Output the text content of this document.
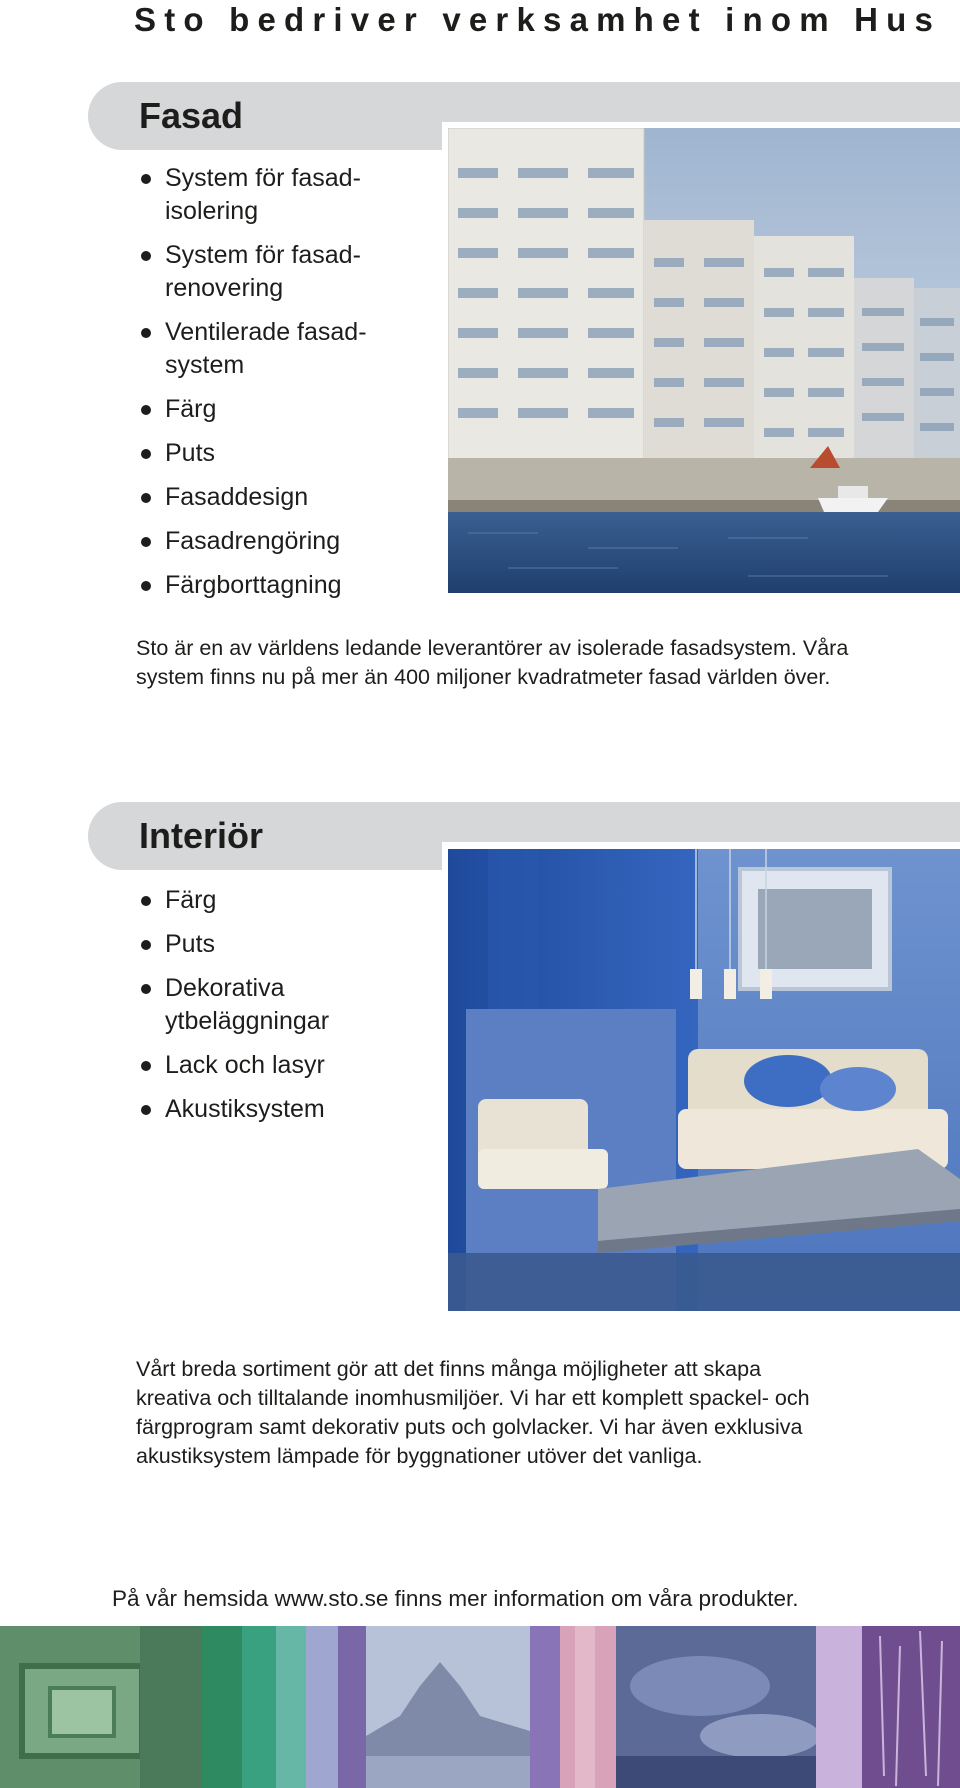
Sto bedriver verksamhet inom Hus
Fasad
System för fasad-
isolering
System för fasad-
renovering
Ventilerade fasad-
system
Färg
Puts
Fasaddesign
Fasadrengöring
Färgborttagning

Sto är en av världens ledande leverantörer av isolerade fasadsystem. Våra
system finns nu på mer än 400 miljoner kvadratmeter fasad världen över.

Interiör
Färg
Puts
Dekorativa
ytbeläggningar
Lack och lasyr
Akustiksystem

Vårt breda sortiment gör att det finns många möjligheter att skapa
kreativa och tilltalande inomhusmiljöer. Vi har ett komplett spackel- och
färgprogram samt dekorativ puts och golvlacker. Vi har även exklusiva
akustiksystem lämpade för byggnationer utöver det vanliga.

På vår hemsida www.sto.se finns mer information om våra produkter.
